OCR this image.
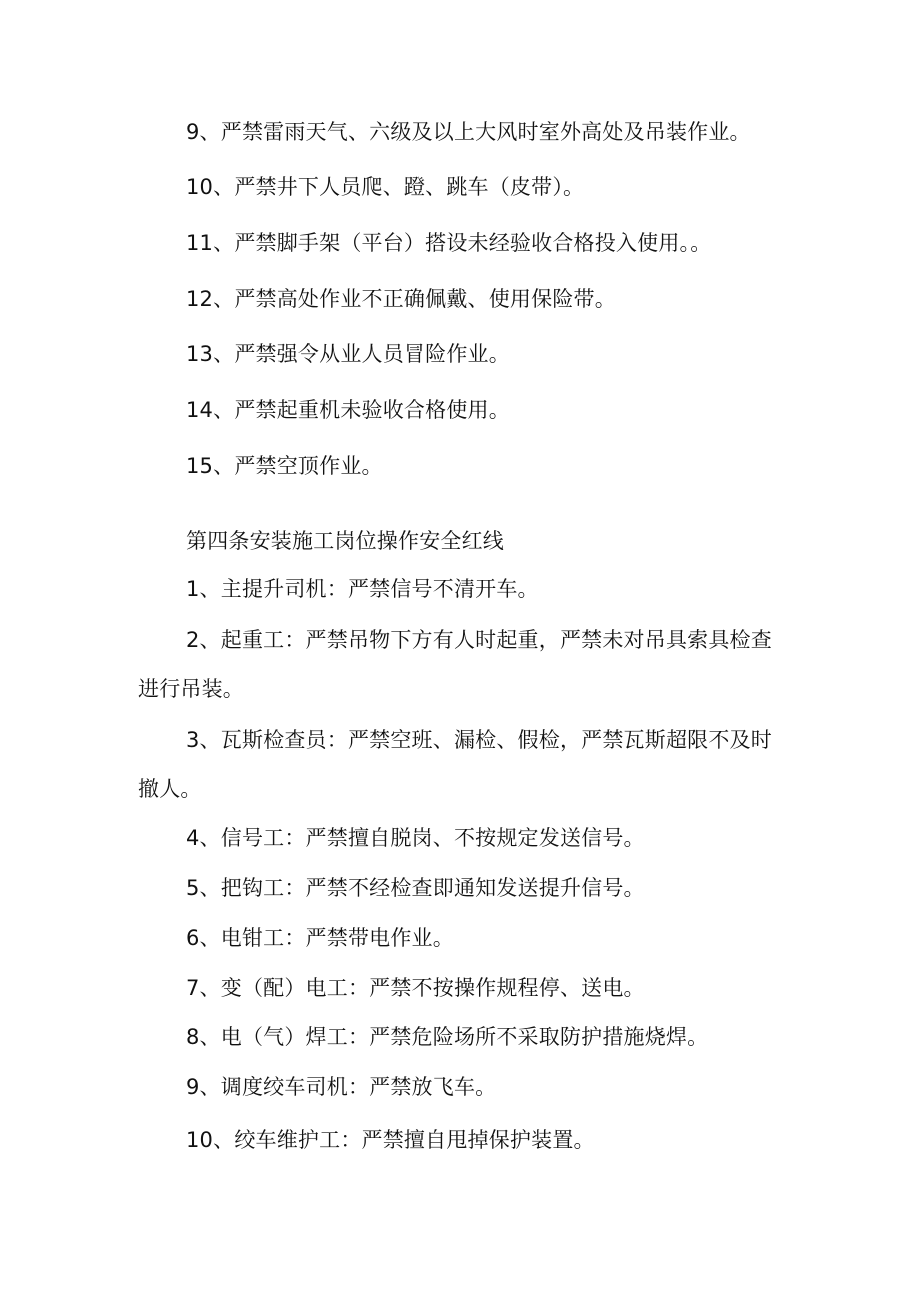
9、严禁雷雨天气、六级及以上大风时室外高处及吊装作业。
10、严禁井下人员爬、蹬、跳车（皮带）。
11、严禁脚手架（平台）搭设未经验收合格投入使用。。
12、严禁高处作业不正确佩戴、使用保险带。
13、严禁强令从业人员冒险作业。
14、严禁起重机未验收合格使用。
15、严禁空顶作业。
第四条安装施工岗位操作安全红线
1、主提升司机：严禁信号不清开车。
2、起重工：严禁吊物下方有人时起重，严禁未对吊具索具检查
进行吊装。
3、瓦斯检查员：严禁空班、漏检、假检，严禁瓦斯超限不及时
撤人。
4、信号工：严禁擅自脱岗、不按规定发送信号。
5、把钩工：严禁不经检查即通知发送提升信号。
6、电钳工：严禁带电作业。
7、变（配）电工：严禁不按操作规程停、送电。
8、电（气）焊工：严禁危险场所不采取防护措施烧焊。
9、调度绞车司机：严禁放飞车。
10、绞车维护工：严禁擅自甩掉保护装置。
